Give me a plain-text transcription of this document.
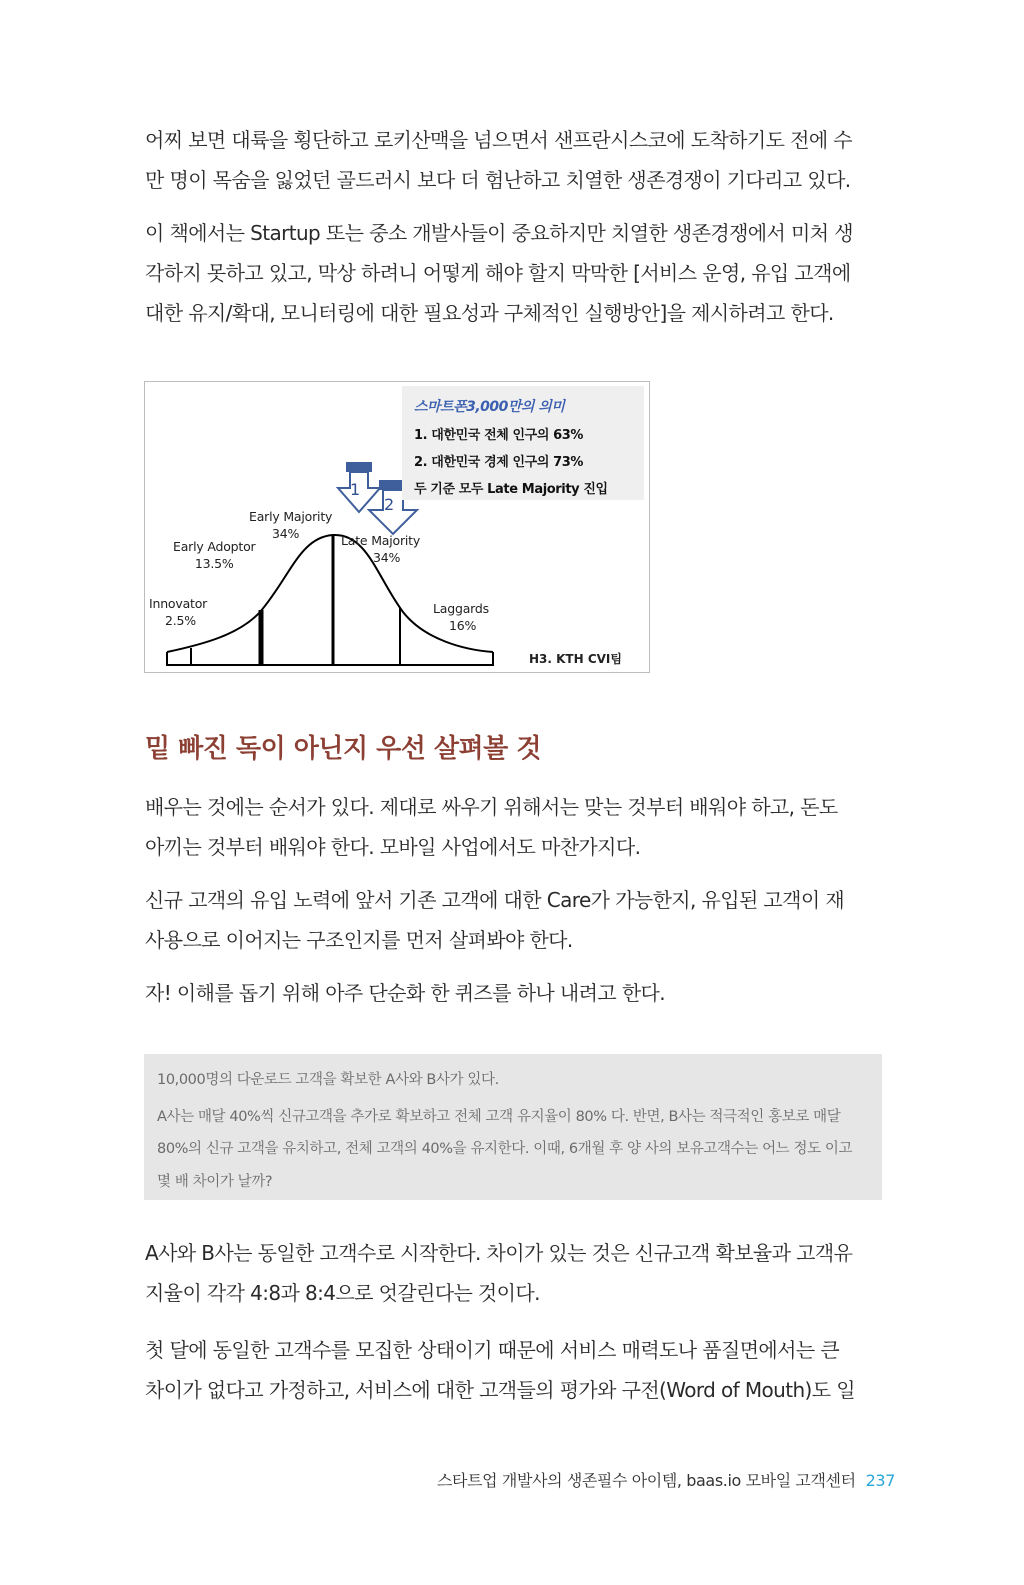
어찌 보면 대륙을 횡단하고 로키산맥을 넘으면서 샌프란시스코에 도착하기도 전에 수
만 명이 목숨을 잃었던 골드러시 보다 더 험난하고 치열한 생존경쟁이 기다리고 있다.
이 책에서는 Startup 또는 중소 개발사들이 중요하지만 치열한 생존경쟁에서 미처 생
각하지 못하고 있고, 막상 하려니 어떻게 해야 할지 막막한 [서비스 운영, 유입 고객에
대한 유지/확대, 모니터링에 대한 필요성과 구체적인 실행방안]을 제시하려고 한다.
스마트폰3,000만의 의미
1. 대한민국 전체 인구의 63%
2. 대한민국 경제 인구의 73%
두 기준 모두 Late Majority 진입
1
2
Innovator
2.5%
Early Adoptor
13.5%
Early Majority
34%	Late Majority
34%
Laggards
16%
H3. KTH CVI팀
밑 빠진 독이 아닌지 우선 살펴볼 것
배우는 것에는 순서가 있다. 제대로 싸우기 위해서는 맞는 것부터 배워야 하고, 돈도
아끼는 것부터 배워야 한다. 모바일 사업에서도 마찬가지다.
신규 고객의 유입 노력에 앞서 기존 고객에 대한 Care가 가능한지, 유입된 고객이 재
사용으로 이어지는 구조인지를 먼저 살펴봐야 한다.
자! 이해를 돕기 위해 아주 단순화 한 퀴즈를 하나 내려고 한다.
10,000명의 다운로드 고객을 확보한 A사와 B사가 있다.
A사는 매달 40%씩 신규고객을 추가로 확보하고 전체 고객 유지율이 80% 다. 반면, B사는 적극적인 홍보로 매달
80%의 신규 고객을 유치하고, 전체 고객의 40%을 유지한다. 이때, 6개월 후 양 사의 보유고객수는 어느 정도 이고
몇 배 차이가 날까?
A사와 B사는 동일한 고객수로 시작한다. 차이가 있는 것은 신규고객 확보율과 고객유
지율이 각각 4:8과 8:4으로 엇갈린다는 것이다.
첫 달에 동일한 고객수를 모집한 상태이기 때문에 서비스 매력도나 품질면에서는 큰
차이가 없다고 가정하고, 서비스에 대한 고객들의 평가와 구전(Word of Mouth)도 일
스타트업 개발사의 생존필수 아이템, baas.io 모바일 고객센터 237
